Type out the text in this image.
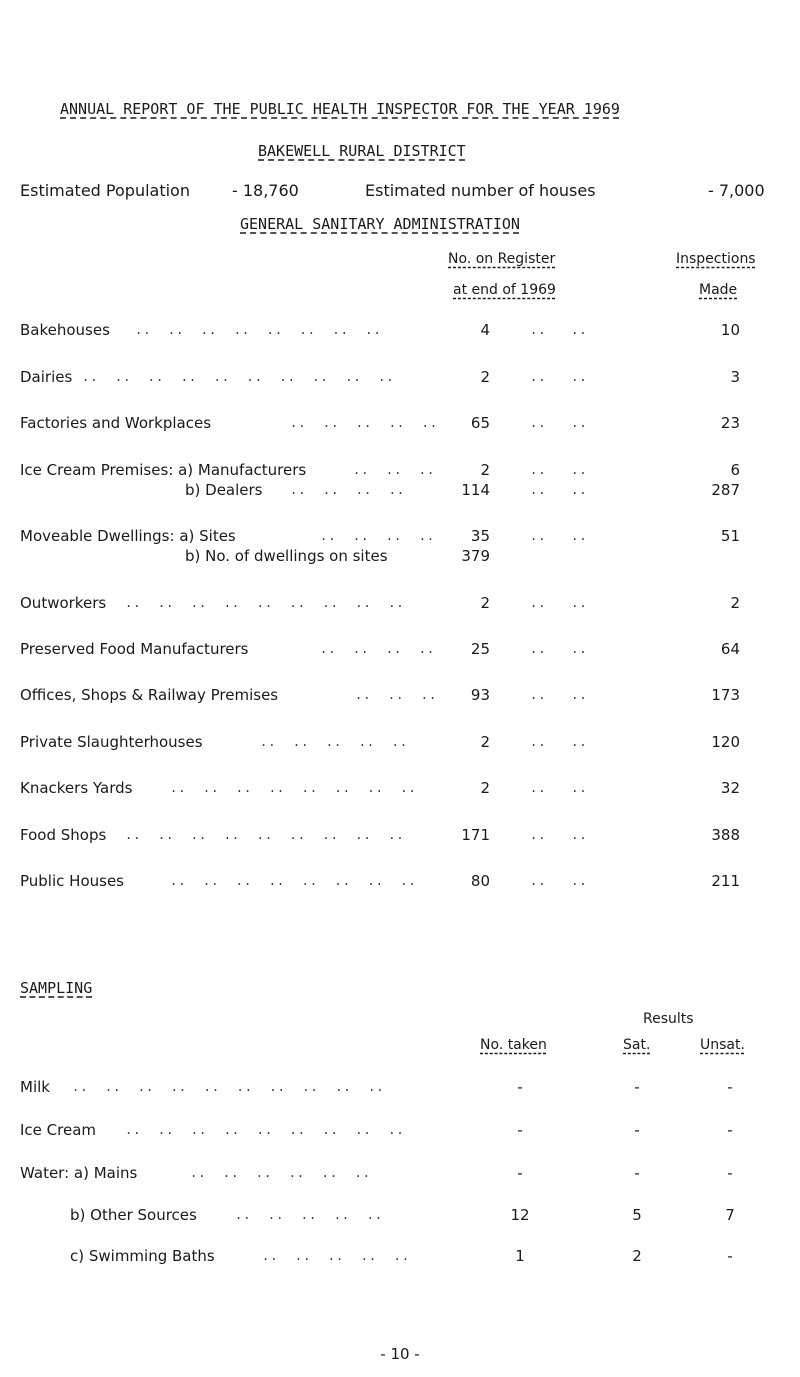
ANNUAL REPORT OF THE PUBLIC HEALTH INSPECTOR FOR THE YEAR 1969
BAKEWELL RURAL DISTRICT
Estimated Population	- 18,760	Estimated number of houses	- 7,000
GENERAL SANITARY ADMINISTRATION
No. on Register
at end of 1969
Inspections
Made
Bakehouses ..  ..  ..  ..  ..  ..  ..  ..	4	..   ..	10
Dairies ..  ..  ..  ..  ..  ..  ..  ..  ..  ..	2	..   ..	3
Factories and Workplaces	..  ..  ..  ..  ..	65	..   ..	23
Ice Cream Premises: a) Manufacturers	..  ..  ..	2	..   ..	6
b) Dealers ..  ..  ..  ..	114	..   ..	287
Moveable Dwellings: a) Sites	..  ..  ..  ..	35	..   ..	51
b) No. of dwellings on sites	379
Outworkers ..  ..  ..  ..  ..  ..  ..  ..  ..	2	..   ..	2
Preserved Food Manufacturers	..  ..  ..  ..	25	..   ..	64
Offices, Shops & Railway Premises	..  ..  ..	93	..   ..	173
Private Slaughterhouses	..  ..  ..  ..  ..	2	..   ..	120
Knackers Yards	..  ..  ..  ..  ..  ..  ..  ..	2	..   ..	32
Food Shops ..  ..  ..  ..  ..  ..  ..  ..  ..	171	..   ..	388
Public Houses	..  ..  ..  ..  ..  ..  ..  ..	80	..   ..	211
SAMPLING
Results
No. taken	Sat.	Unsat.
Milk ..  ..  ..  ..  ..  ..  ..  ..  ..  ..	-	-	-
Ice Cream ..  ..  ..  ..  ..  ..  ..  ..  ..	-	-	-
Water: a) Mains	..  ..  ..  ..  ..  ..	-	-	-
b) Other Sources	..  ..  ..  ..  ..	12	5	7
c) Swimming Baths	..  ..  ..  ..  ..	1	2	-
- 10 -
